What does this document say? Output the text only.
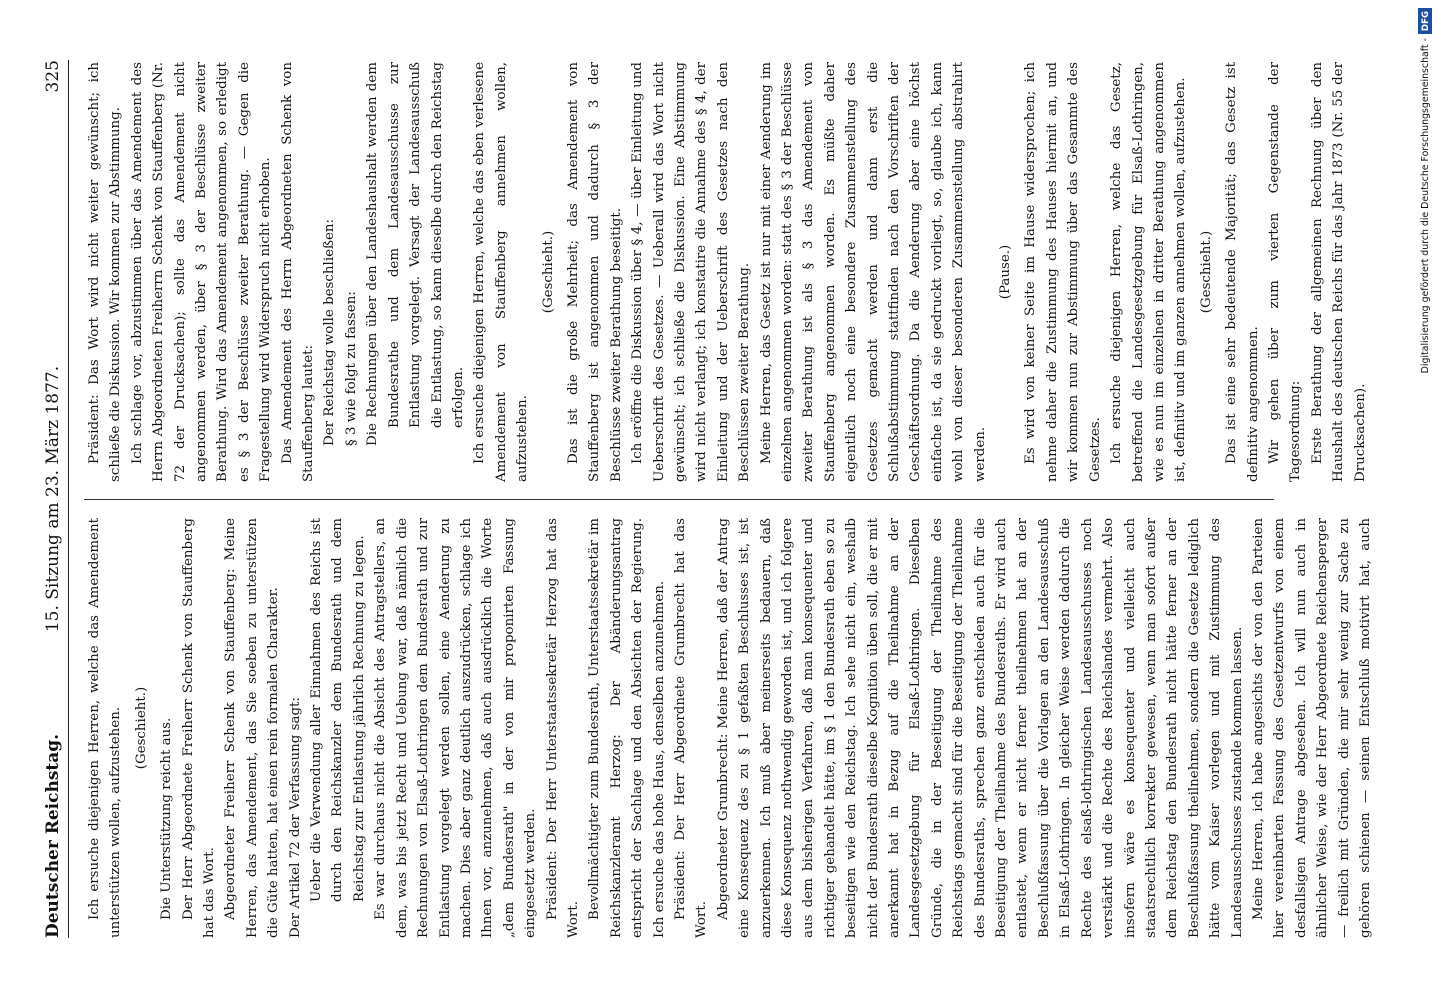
Deutscher Reichstag.
15. Sitzung am 23. März 1877.
325

Ich ersuche diejenigen Herren, welche das Amendement unterstützen wollen, aufzustehen. (Geschieht.) Die Unterstützung reicht aus. Der Herr Abgeordnete Freiherr Schenk von Stauffenberg hat das Wort. Abgeordneter Freiherr Schenk von Stauffenberg: Meine Herren, das Amendement, das Sie soeben zu unterstützen die Güte hatten, hat einen rein formalen Charakter. Der Artikel 72 der Verfassung sagt: Ueber die Verwendung aller Einnahmen des Reichs ist durch den Reichskanzler dem Bundesrath und dem Reichstag zur Entlastung jährlich Rechnung zu legen. Es war durchaus nicht die Absicht des Antragstellers, an dem, was bis jetzt Recht und Uebung war, daß nämlich die Rechnungen von Elsaß-Lothringen dem Bundesrath und zur Entlastung vorgelegt werden sollen, eine Aenderung zu machen. Dies aber ganz deutlich auszudrücken, schlage ich Ihnen vor, anzunehmen, daß auch ausdrücklich die Worte „dem Bundesrath" in der von mir proponirten Fassung eingesetzt werden. Präsident: Der Herr Unterstaatssekretär Herzog hat das Wort. Bevollmächtigter zum Bundesrath, Unterstaatssekretär im Reichskanzleramt Herzog: Der Abänderungsantrag entspricht der Sachlage und den Absichten der Regierung. Ich ersuche das hohe Haus, denselben anzunehmen. Präsident: Der Herr Abgeordnete Grumbrecht hat das Wort. Abgeordneter Grumbrecht: Meine Herren, daß der Antrag eine Konsequenz des zu § 1 gefaßten Beschlusses ist, ist anzuerkennen. Ich muß aber meinerseits bedauern, daß diese Konsequenz nothwendig geworden ist, und ich folgere aus dem bisherigen Verfahren, daß man konsequenter und richtiger gehandelt hätte, im § 1 den Bundesrath eben so zu beseitigen wie den Reichstag. Ich sehe nicht ein, weshalb nicht der Bundesrath dieselbe Kognition üben soll, die er mit anerkannt hat in Bezug auf die Theilnahme an der Landesgesetzgebung für Elsaß-Lothringen. Dieselben Gründe, die in der Beseitigung der Theilnahme des Reichstags gemacht sind für die Beseitigung der Theilnahme des Bundesraths, sprechen ganz entschieden auch für die Beseitigung der Theilnahme des Bundesraths. Er wird auch entlastet, wenn er nicht ferner theilnehmen hat an der Beschlußfassung über die Vorlagen an den Landesausschuß in Elsaß-Lothringen. In gleicher Weise werden dadurch die Rechte des elsaß-lothringischen Landesausschusses noch verstärkt und die Rechte des Reichslandes vermehrt. Also insofern wäre es konsequenter und vielleicht auch staatsrechtlich korrekter gewesen, wenn man sofort außer dem Reichstag den Bundesrath nicht hätte ferner an der Beschlußfassung theilnehmen, sondern die Gesetze lediglich hätte vom Kaiser vorlegen und mit Zustimmung des Landesausschusses zustande kommen lassen. Meine Herren, ich habe angesichts der von den Parteien hier vereinbarten Fassung des Gesetzentwurfs von einem desfallsigen Antrage abgesehen. Ich will nun auch in ähnlicher Weise, wie der Herr Abgeordnete Reichensperger — freilich mit Gründen, die mir sehr wenig zur Sache zu gehören schienen — seinen Entschluß motivirt hat, auch

Präsident: Das Wort wird nicht weiter gewünscht; ich schließe die Diskussion. Wir kommen zur Abstimmung. Ich schlage vor, abzustimmen über das Amendement des Herrn Abgeordneten Freiherrn Schenk von Stauffenberg (Nr. 72 der Drucksachen); sollte das Amendement nicht angenommen werden, über § 3 der Beschlüsse zweiter Berathung. Wird das Amendement angenommen, so erledigt es § 3 der Beschlüsse zweiter Berathung. — Gegen die Fragestellung wird Widerspruch nicht erhoben. Das Amendement des Herrn Abgeordneten Schenk von Stauffenberg lautet: Der Reichstag wolle beschließen: § 3 wie folgt zu fassen: Die Rechnungen über den Landeshaushalt werden dem Bundesrathe und dem Landesausschusse zur Entlastung vorgelegt. Versagt der Landesausschuß die Entlastung, so kann dieselbe durch den Reichstag erfolgen. Ich ersuche diejenigen Herren, welche das eben verlesene Amendement von Stauffenberg annehmen wollen, aufzustehen.

(Geschieht.) Das ist die große Mehrheit; das Amendement von Stauffenberg ist angenommen und dadurch § 3 der Beschlüsse zweiter Berathung beseitigt. Ich eröffne die Diskussion über § 4, — über Einleitung und Ueberschrift des Gesetzes. — Ueberall wird das Wort nicht gewünscht; ich schließe die Diskussion. Eine Abstimmung wird nicht verlangt; ich konstatire die Annahme des § 4, der Einleitung und der Ueberschrift des Gesetzes nach den Beschlüssen zweiter Berathung. Meine Herren, das Gesetz ist nur mit einer Aenderung im einzelnen angenommen worden: statt des § 3 der Beschlüsse zweiter Berathung ist als § 3 das Amendement von Stauffenberg angenommen worden. Es müßte daher eigentlich noch eine besondere Zusammenstellung des Gesetzes gemacht werden und dann erst die Schlußabstimmung stattfinden nach den Vorschriften der Geschäftsordnung. Da die Aenderung aber eine höchst einfache ist, da sie gedruckt vorliegt, so, glaube ich, kann wohl von dieser besonderen Zusammenstellung abstrahirt werden.

(Pause.) Es wird von keiner Seite im Hause widersprochen; ich nehme daher die Zustimmung des Hauses hiermit an, und wir kommen nun zur Abstimmung über das Gesammte des Gesetzes. Ich ersuche diejenigen Herren, welche das Gesetz, betreffend die Landesgesetzgebung für Elsaß-Lothringen, wie es nun im einzelnen in dritter Berathung angenommen ist, definitiv und im ganzen annehmen wollen, aufzustehen. (Geschieht.) Das ist eine sehr bedeutende Majorität; das Gesetz ist definitiv angenommen. Wir gehen über zum vierten Gegenstande der Tagesordnung: Erste Berathung der allgemeinen Rechnung über den Haushalt des deutschen Reichs für das Jahr 1873 (Nr. 55 der Drucksachen).

Digitalisierung gefördert durch die Deutsche Forschungsgemeinschaft -DFG
